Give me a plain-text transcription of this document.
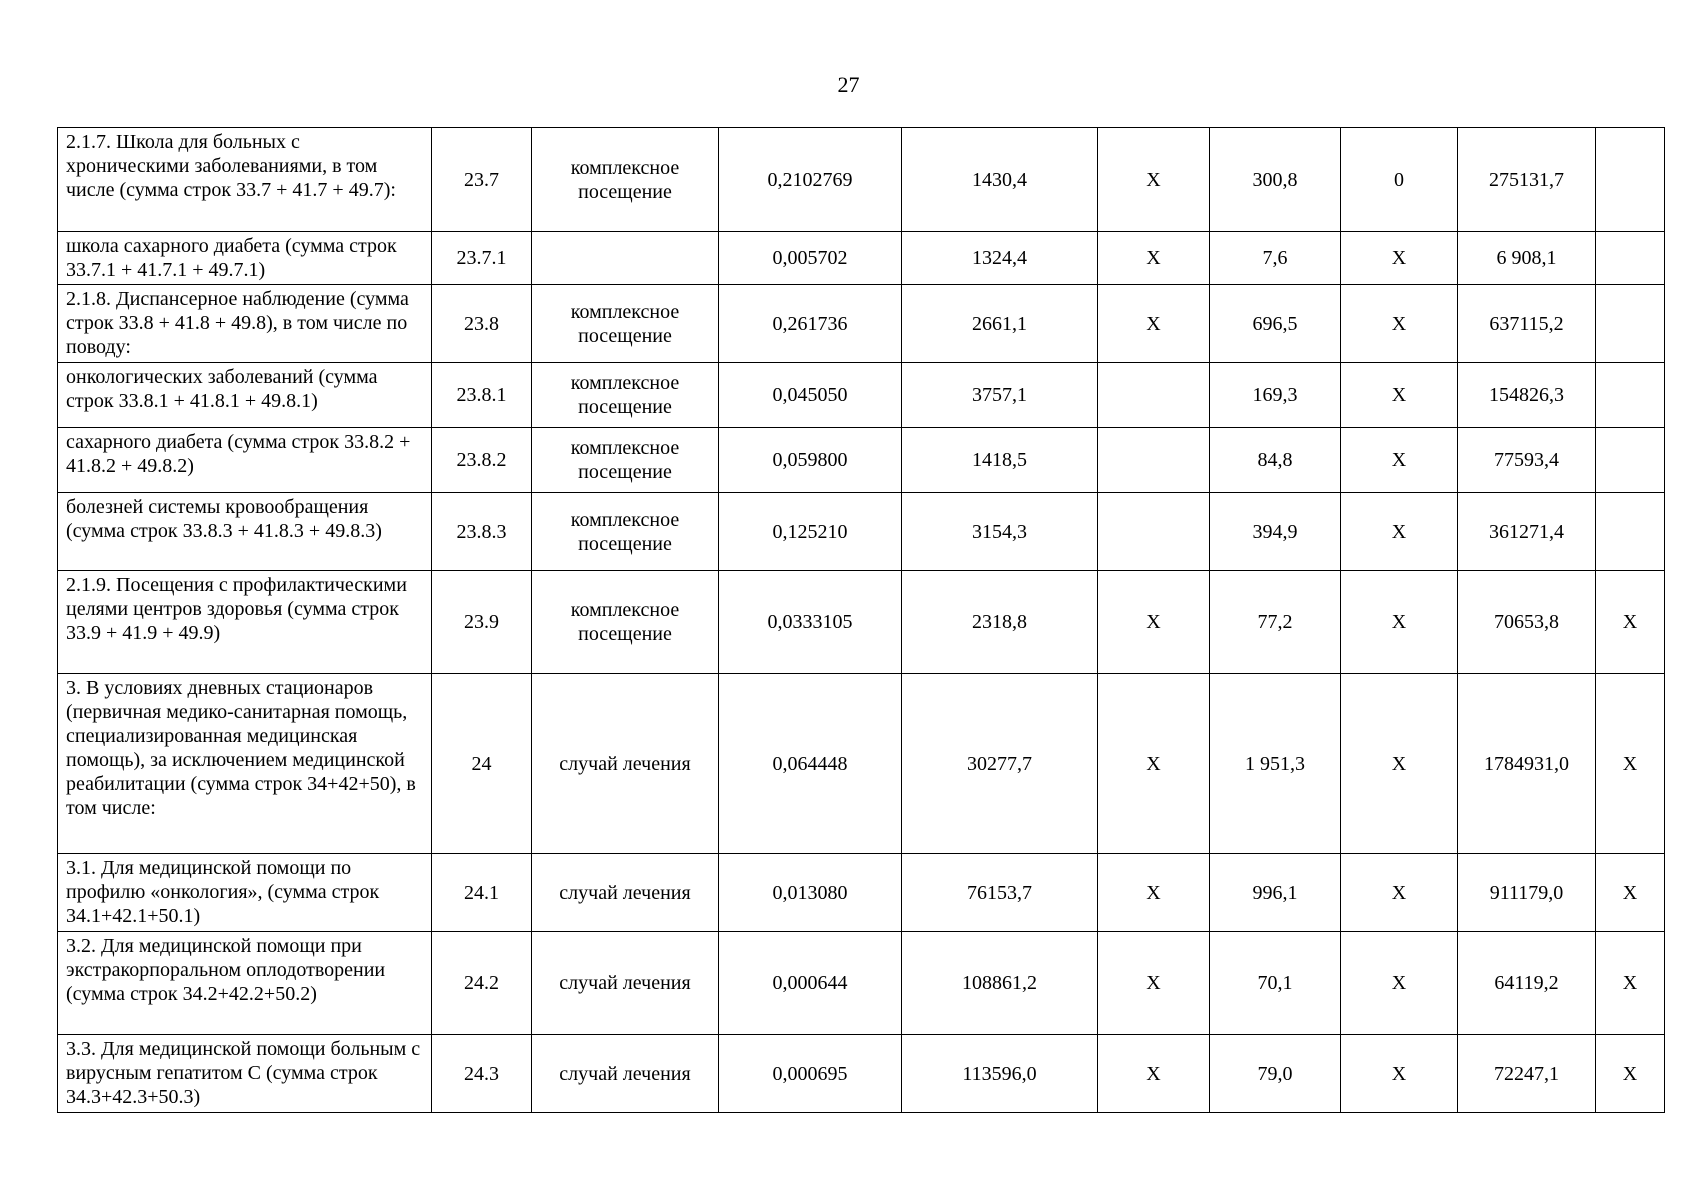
27
2.1.7. Школа для больных с хроническими заболеваниями, в том числе (сумма строк 33.7 + 41.7 + 49.7):	23.7	комплексное посещение	0,2102769	1430,4	Х	300,8	0	275131,7	
школа сахарного диабета (сумма строк 33.7.1 + 41.7.1 + 49.7.1)	23.7.1		0,005702	1324,4	Х	7,6	Х	6 908,1	
2.1.8. Диспансерное наблюдение (сумма строк 33.8 + 41.8 + 49.8), в том числе по поводу:	23.8	комплексное посещение	0,261736	2661,1	Х	696,5	Х	637115,2	
онкологических заболеваний (сумма строк 33.8.1 + 41.8.1 + 49.8.1)	23.8.1	комплексное посещение	0,045050	3757,1		169,3	Х	154826,3	
сахарного диабета (сумма строк 33.8.2 + 41.8.2 + 49.8.2)	23.8.2	комплексное посещение	0,059800	1418,5		84,8	Х	77593,4	
болезней системы кровообращения (сумма строк 33.8.3 + 41.8.3 + 49.8.3)	23.8.3	комплексное посещение	0,125210	3154,3		394,9	Х	361271,4	
2.1.9. Посещения с профилактическими целями центров здоровья (сумма строк 33.9 + 41.9 + 49.9)	23.9	комплексное посещение	0,0333105	2318,8	Х	77,2	Х	70653,8	Х
3. В условиях дневных стационаров (первичная медико-санитарная помощь, специализированная медицинская помощь), за исключением медицинской реабилитации (сумма строк 34+42+50), в том числе:	24	случай лечения	0,064448	30277,7	Х	1 951,3	Х	1784931,0	Х
3.1. Для медицинской помощи по профилю «онкология», (сумма строк 34.1+42.1+50.1)	24.1	случай лечения	0,013080	76153,7	Х	996,1	Х	911179,0	Х
3.2. Для медицинской помощи при экстракорпоральном оплодотворении (сумма строк 34.2+42.2+50.2)	24.2	случай лечения	0,000644	108861,2	Х	70,1	Х	64119,2	Х
3.3. Для медицинской помощи больным с вирусным гепатитом С (сумма строк 34.3+42.3+50.3)	24.3	случай лечения	0,000695	113596,0	Х	79,0	Х	72247,1	Х
